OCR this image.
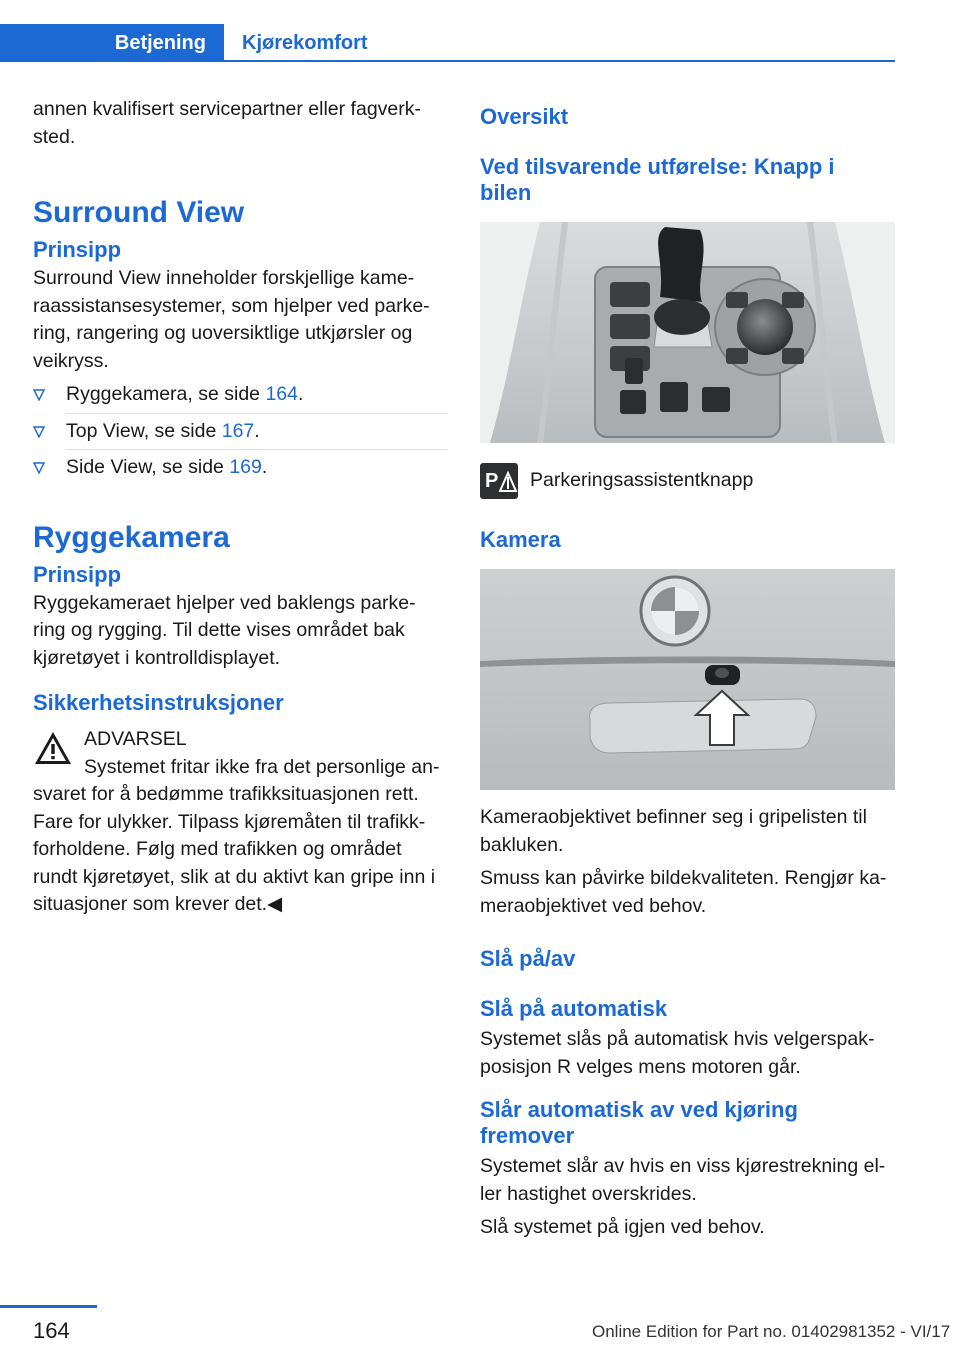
Betjening	Kjørekomfort

annen kvalifisert servicepartner eller fagverk- sted.

Surround View
Prinsipp

Surround View inneholder forskjellige kame- raassistansesystemer, som hjelper ved parke- ring, rangering og uoversiktlige utkjørsler og veikryss.

Ryggekamera, se side 164.
Top View, se side 167.
Side View, se side 169.
Ryggekamera
Prinsipp

Ryggekameraet hjelper ved baklengs parke- ring og rygging. Til dette vises området bak kjøretøyet i kontrolldisplayet.

Sikkerhetsinstruksjoner

ADVARSEL

Systemet fritar ikke fra det personlige an-

svaret for å bedømme trafikksituasjonen rett. Fare for ulykker. Tilpass kjøremåten til trafikk- forholdene. Følg med trafikken og området rundt kjøretøyet, slik at du aktivt kan gripe inn i situasjoner som krever det.◀

Oversikt
Ved tilsvarende utførelse: Knapp i bilen
P Parkeringsassistentknapp

Kamera

Kameraobjektivet befinner seg i gripelisten til bakluken.

Smuss kan påvirke bildekvaliteten. Rengjør ka- meraobjektivet ved behov.

Slå på/av
Slå på automatisk

Systemet slås på automatisk hvis velgerspak- posisjon R velges mens motoren går.

Slår automatisk av ved kjøring fremover

Systemet slår av hvis en viss kjørestrekning el- ler hastighet overskrides.

Slå systemet på igjen ved behov.

164	Online Edition for Part no. 01402981352 - VI/17
